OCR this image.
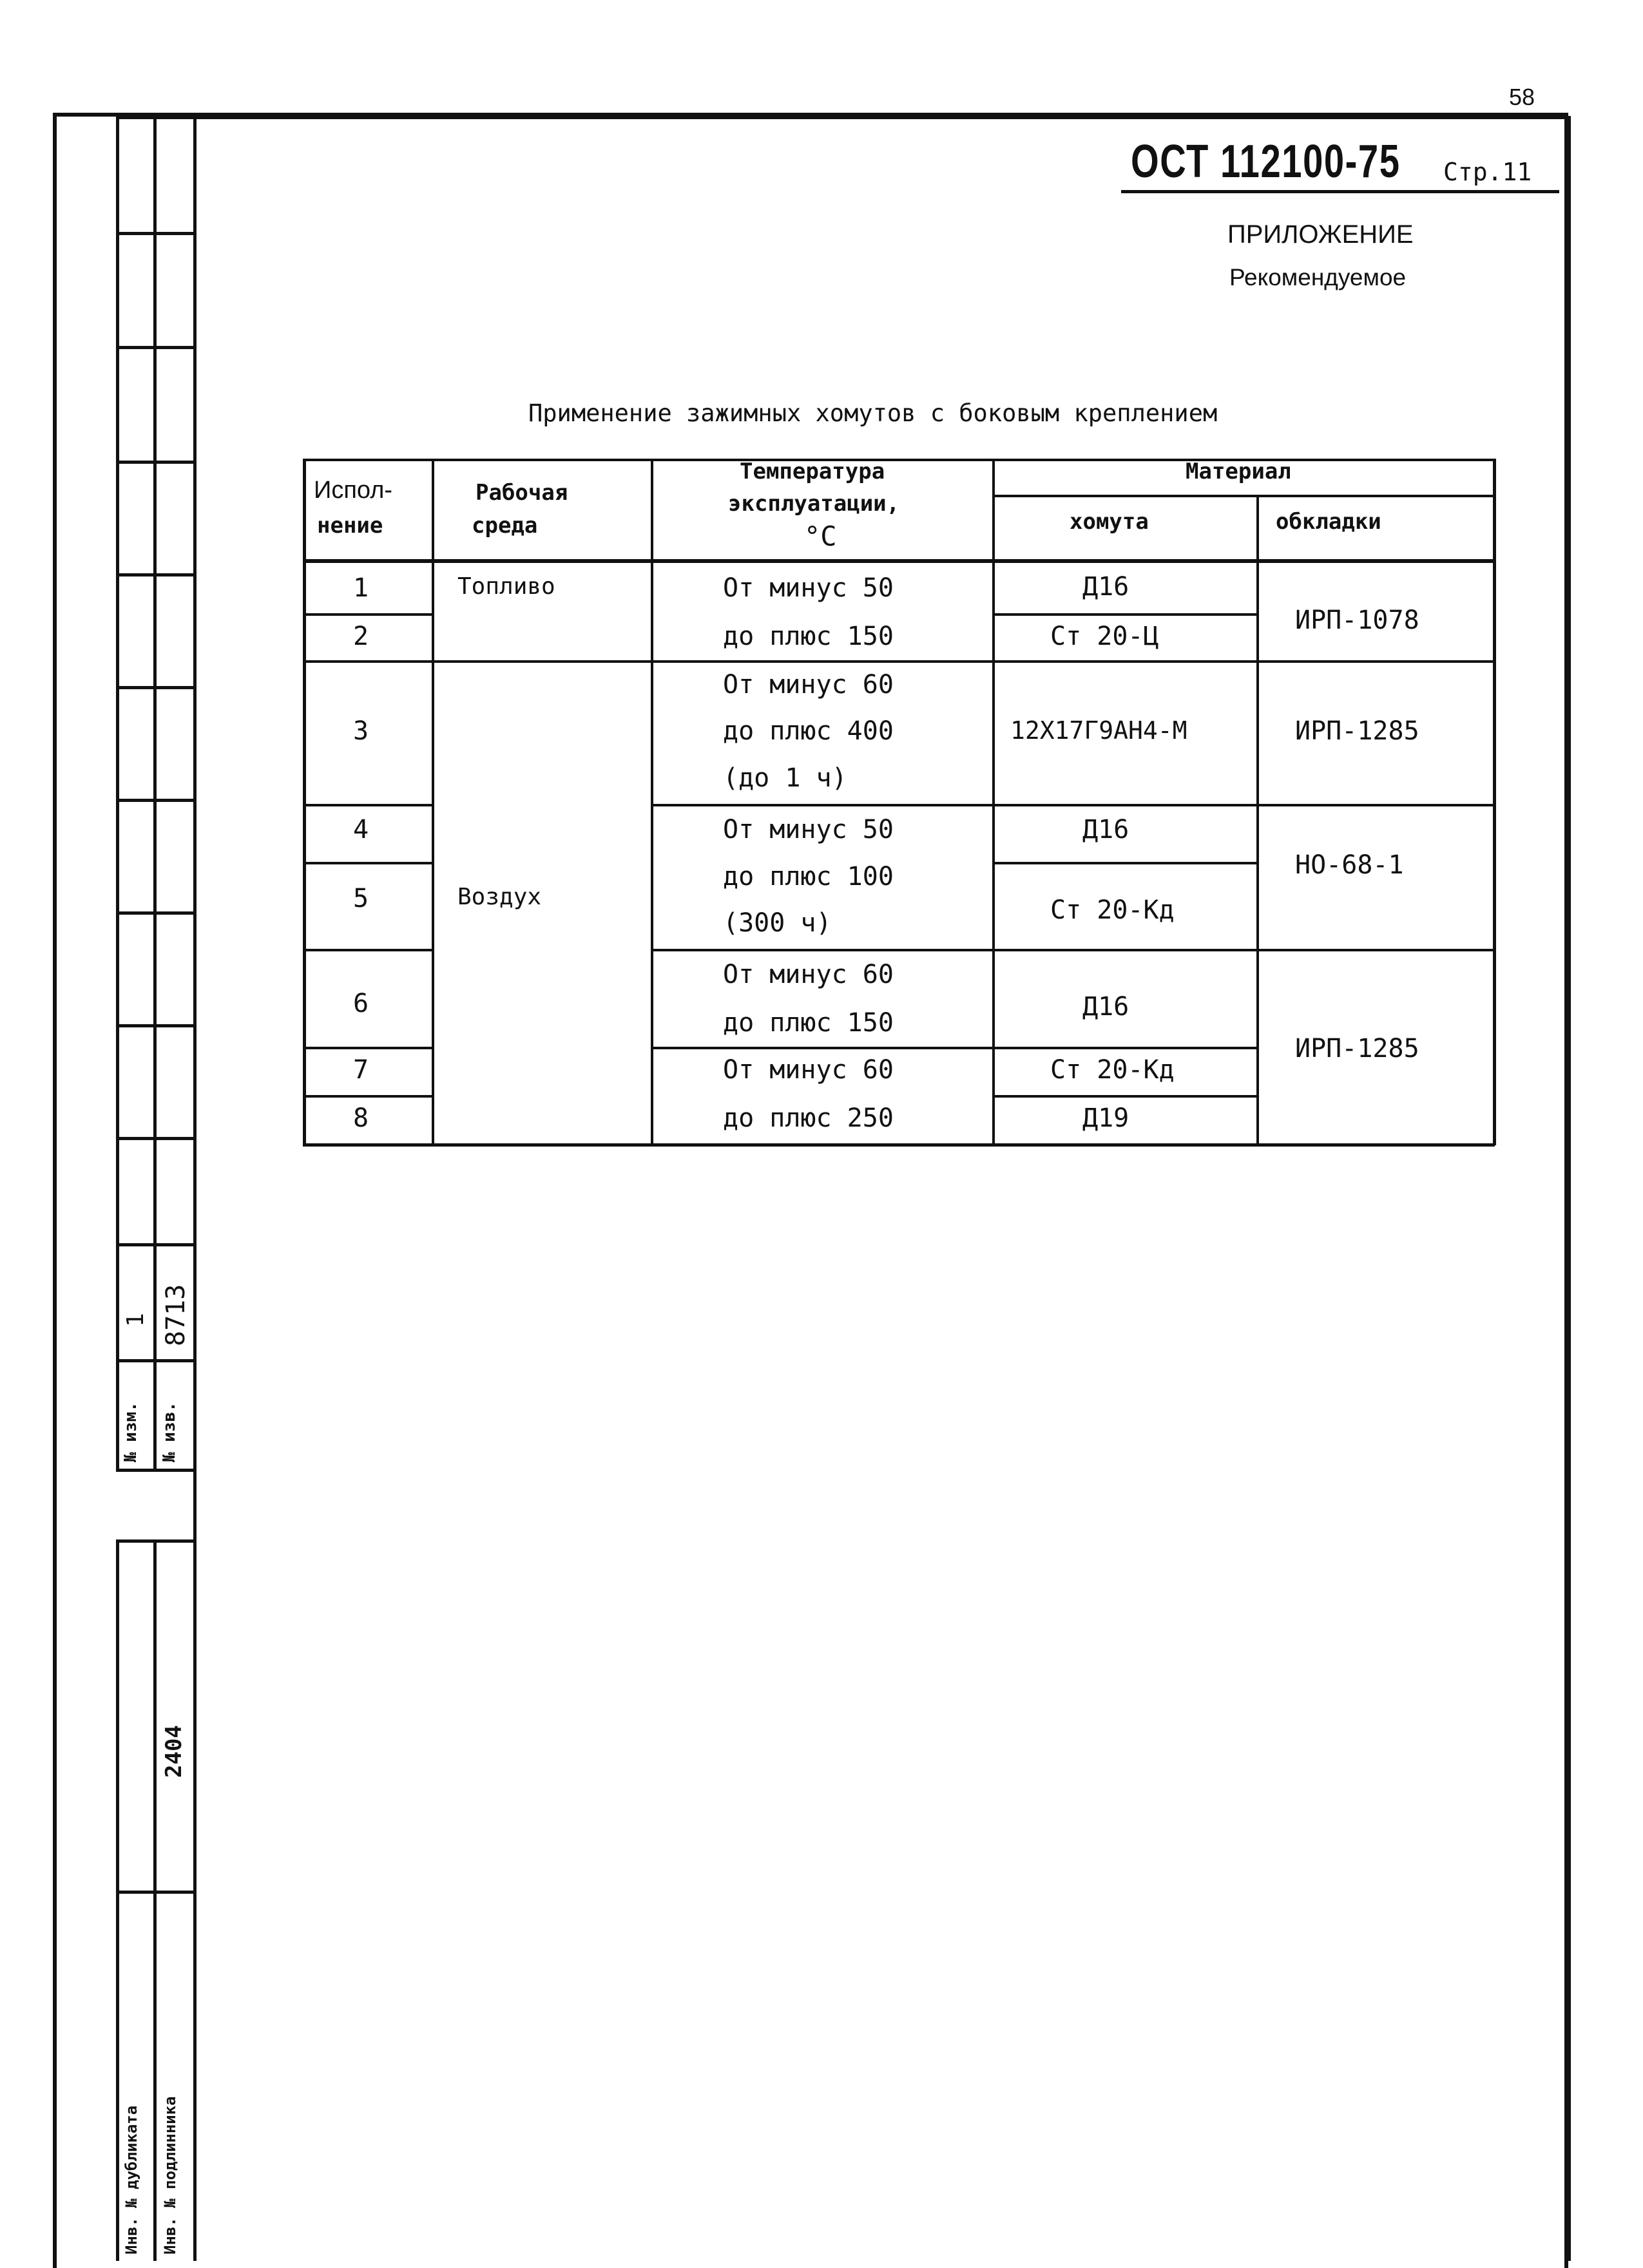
58
1 8713
№ изм. № изв.
2404
Инв. № дубликата Инв. № подлинника
ОСТ 112100-75 Стр.11
ПРИЛОЖЕНИЕ
Рекомендуемое
Применение зажимных хомутов с боковым креплением
Испол-
нение
Рабочая
среда
Температура
эксплуатации,
°С
Материал
хомута	обкладки
1
2
3
4
5
6
7
8
Топливо
Воздух
От минус 50
до плюс 150
От минус 60
до плюс 400
(до 1 ч)
От минус 50
до плюс 100
(300 ч)
От минус 60
до плюс 150
От минус 60
до плюс 250
Д16
Ст 20-Ц
12Х17Г9АН4-М
Д16
Ст 20-Кд
Д16
Ст 20-Кд
Д19
ИРП-1078
ИРП-1285
НО-68-1
ИРП-1285
